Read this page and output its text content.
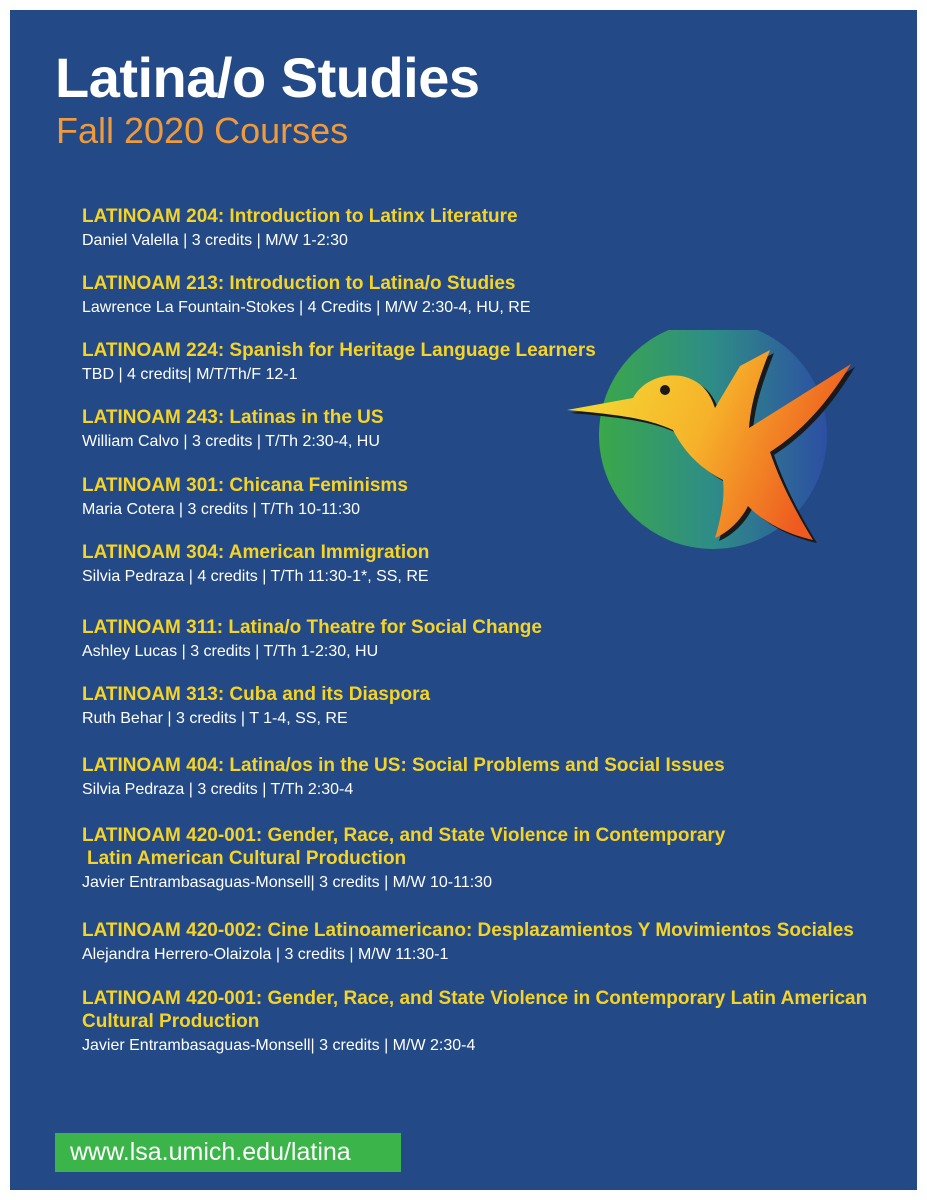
Latina/o Studies
Fall 2020 Courses
LATINOAM 204: Introduction to Latinx Literature
Daniel Valella | 3 credits | M/W 1-2:30
LATINOAM 213: Introduction to Latina/o Studies
Lawrence La Fountain-Stokes | 4 Credits | M/W 2:30-4, HU, RE
LATINOAM 224: Spanish for Heritage Language Learners
TBD | 4 credits| M/T/Th/F 12-1
LATINOAM 243: Latinas in the US
William Calvo | 3 credits | T/Th 2:30-4, HU
LATINOAM 301: Chicana Feminisms
Maria Cotera | 3 credits | T/Th 10-11:30
LATINOAM 304: American Immigration
Silvia Pedraza | 4 credits | T/Th 11:30-1*, SS, RE
LATINOAM 311: Latina/o Theatre for Social Change
Ashley Lucas | 3 credits | T/Th 1-2:30, HU
LATINOAM 313: Cuba and its Diaspora
Ruth Behar | 3 credits | T 1-4, SS, RE
LATINOAM 404: Latina/os in the US: Social Problems and Social Issues
Silvia Pedraza | 3 credits | T/Th 2:30-4
LATINOAM 420-001: Gender, Race, and State Violence in Contemporary
Latin American Cultural Production
Javier Entrambasaguas-Monsell| 3 credits | M/W 10-11:30
LATINOAM 420-002: Cine Latinoamericano: Desplazamientos Y Movimientos Sociales
Alejandra Herrero-Olaizola | 3 credits | M/W 11:30-1
LATINOAM 420-001: Gender, Race, and State Violence in Contemporary Latin American
Cultural Production
Javier Entrambasaguas-Monsell| 3 credits | M/W 2:30-4
www.lsa.umich.edu/latina
